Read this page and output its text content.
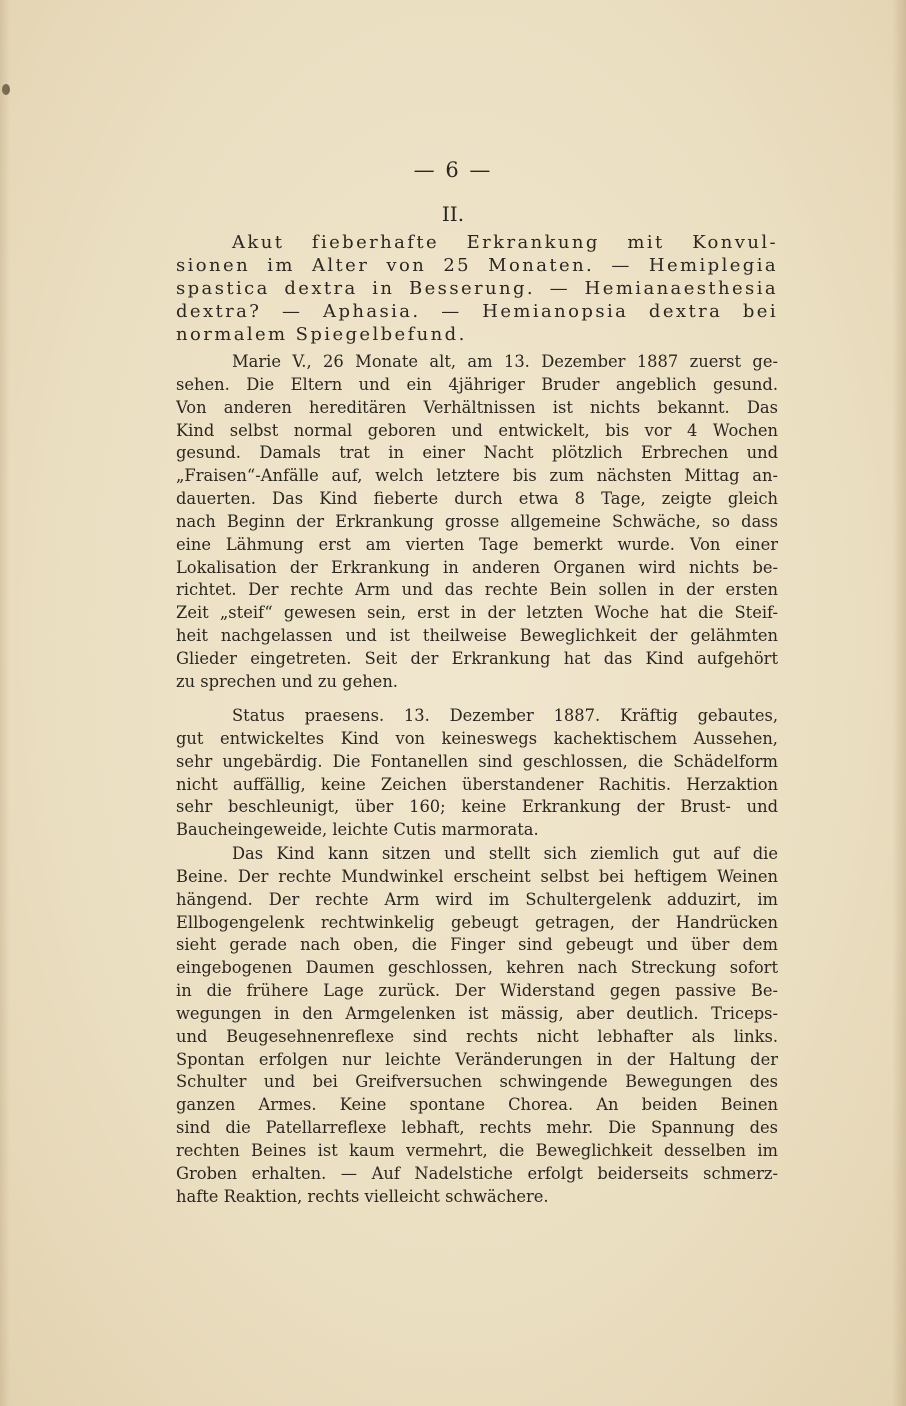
— 6 —
II.
Akut fieberhafte Erkrankung mit Konvul-
sionen im Alter von 25 Monaten. — Hemiplegia
spastica dextra in Besserung. — Hemianaesthesia
dextra? — Aphasia. — Hemianopsia dextra bei
normalem Spiegelbefund.
Marie V., 26 Monate alt, am 13. Dezember 1887 zuerst ge-
sehen. Die Eltern und ein 4jähriger Bruder angeblich gesund.
Von anderen hereditären Verhältnissen ist nichts bekannt. Das
Kind selbst normal geboren und entwickelt, bis vor 4 Wochen
gesund. Damals trat in einer Nacht plötzlich Erbrechen und
„Fraisen“-Anfälle auf, welch letztere bis zum nächsten Mittag an-
dauerten. Das Kind fieberte durch etwa 8 Tage, zeigte gleich
nach Beginn der Erkrankung grosse allgemeine Schwäche, so dass
eine Lähmung erst am vierten Tage bemerkt wurde. Von einer
Lokalisation der Erkrankung in anderen Organen wird nichts be-
richtet. Der rechte Arm und das rechte Bein sollen in der ersten
Zeit „steif“ gewesen sein, erst in der letzten Woche hat die Steif-
heit nachgelassen und ist theilweise Beweglichkeit der gelähmten
Glieder eingetreten. Seit der Erkrankung hat das Kind aufgehört
zu sprechen und zu gehen.
Status praesens. 13. Dezember 1887. Kräftig gebautes,
gut entwickeltes Kind von keineswegs kachektischem Aussehen,
sehr ungebärdig. Die Fontanellen sind geschlossen, die Schädelform
nicht auffällig, keine Zeichen überstandener Rachitis. Herzaktion
sehr beschleunigt, über 160; keine Erkrankung der Brust- und
Baucheingeweide, leichte Cutis marmorata.
Das Kind kann sitzen und stellt sich ziemlich gut auf die
Beine. Der rechte Mundwinkel erscheint selbst bei heftigem Weinen
hängend. Der rechte Arm wird im Schultergelenk adduzirt, im
Ellbogengelenk rechtwinkelig gebeugt getragen, der Handrücken
sieht gerade nach oben, die Finger sind gebeugt und über dem
eingebogenen Daumen geschlossen, kehren nach Streckung sofort
in die frühere Lage zurück. Der Widerstand gegen passive Be-
wegungen in den Armgelenken ist mässig, aber deutlich. Triceps-
und Beugesehnenreflexe sind rechts nicht lebhafter als links.
Spontan erfolgen nur leichte Veränderungen in der Haltung der
Schulter und bei Greifversuchen schwingende Bewegungen des
ganzen Armes. Keine spontane Chorea. An beiden Beinen
sind die Patellarreflexe lebhaft, rechts mehr. Die Spannung des
rechten Beines ist kaum vermehrt, die Beweglichkeit desselben im
Groben erhalten. — Auf Nadelstiche erfolgt beiderseits schmerz-
hafte Reaktion, rechts vielleicht schwächere.
